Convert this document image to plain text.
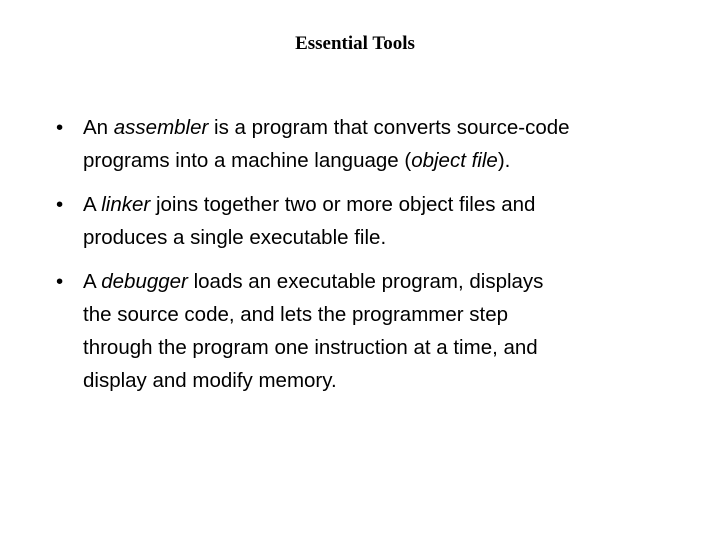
Essential Tools
• An assembler is a program that converts source-code
programs into a machine language (object file).
• A linker joins together two or more object files and
produces a single executable file.
• A debugger loads an executable program, displays
the source code, and lets the programmer step
through the program one instruction at a time, and
display and modify memory.
